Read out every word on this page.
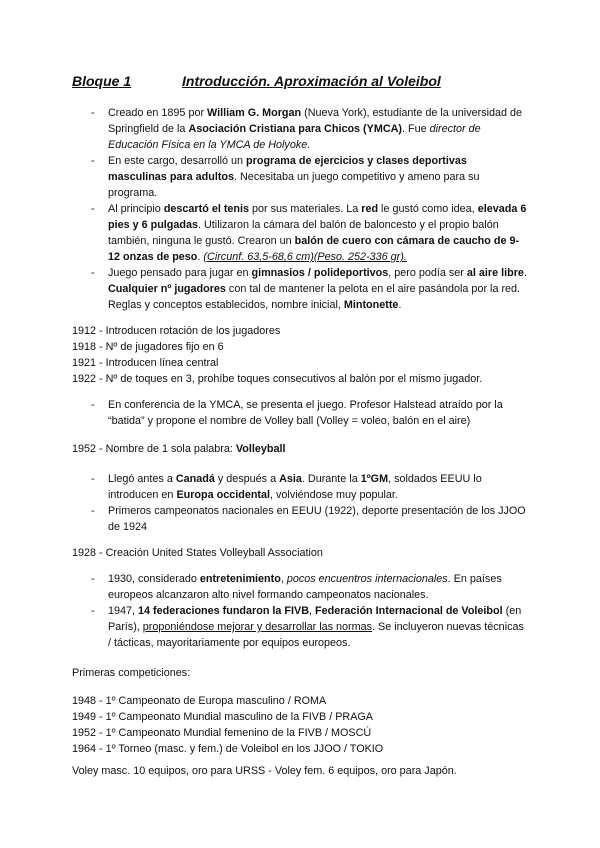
Bloque 1	Introducción. Aproximación al Voleibol
- Creado en 1895 por William G. Morgan (Nueva York), estudiante de la universidad de Springfield de la Asociación Cristiana para Chicos (YMCA). Fue director de Educación Física en la YMCA de Holyoke.
- En este cargo, desarrolló un programa de ejercicios y clases deportivas masculinas para adultos. Necesitaba un juego competitivo y ameno para su programa.
- Al principio descartó el tenis por sus materiales. La red le gustó como idea, elevada 6 pies y 6 pulgadas. Utilizaron la cámara del balón de baloncesto y el propio balón también, ninguna le gustó. Crearon un balón de cuero con cámara de caucho de 9-12 onzas de peso. (Circunf. 63,5-68,6 cm)(Peso. 252-336 gr).
- Juego pensado para jugar en gimnasios / polideportivos, pero podía ser al aire libre. Cualquier nº jugadores con tal de mantener la pelota en el aire pasándola por la red. Reglas y conceptos establecidos, nombre inicial, Mintonette.
1912 - Introducen rotación de los jugadores
1918 - Nº de jugadores fijo en 6
1921 - Introducen línea central
1922 - Nº de toques en 3, prohíbe toques consecutivos al balón por el mismo jugador.
- En conferencia de la YMCA, se presenta el juego. Profesor Halstead atraído por la “batida” y propone el nombre de Volley ball (Volley = voleo, balón en el aire)
1952 - Nombre de 1 sola palabra: Volleyball
- Llegó antes a Canadá y después a Asia. Durante la 1ºGM, soldados EEUU lo introducen en Europa occidental, volviéndose muy popular.
- Primeros campeonatos nacionales en EEUU (1922), deporte presentación de los JJOO de 1924
1928 - Creación United States Volleyball Association
- 1930, considerado entretenimiento, pocos encuentros internacionales. En países europeos alcanzaron alto nivel formando campeonatos nacionales.
- 1947, 14 federaciones fundaron la FIVB, Federación Internacional de Voleibol (en París), proponiéndose mejorar y desarrollar las normas. Se incluyeron nuevas técnicas / tácticas, mayoritariamente por equipos europeos.
Primeras competiciones:
1948 - 1º Campeonato de Europa masculino / ROMA
1949 - 1º Campeonato Mundial masculino de la FIVB / PRAGA
1952 - 1º Campeonato Mundial femenino de la FIVB / MOSCÚ
1964 - 1º Torneo (masc. y fem.) de Voleibol en los JJOO / TOKIO
Voley masc. 10 equipos, oro para URSS - Voley fem. 6 equipos, oro para Japón.
